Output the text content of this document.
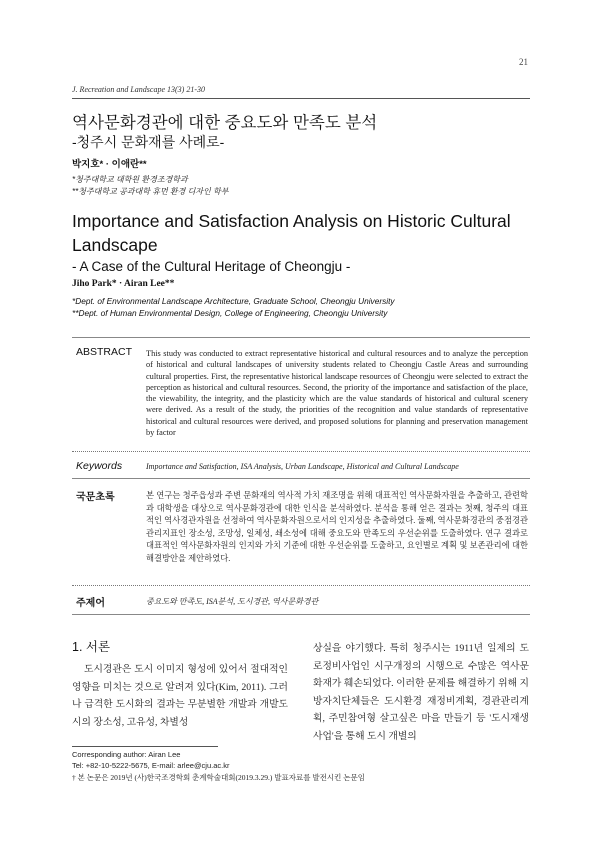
21
J. Recreation and Landscape 13(3) 21-30
역사문화경관에 대한 중요도와 만족도 분석
-청주시 문화재를 사례로-
박지호* · 이애란**
*청주대학교 대학원 환경조경학과
**청주대학교 공과대학 휴먼 환경 디자인 학부
Importance and Satisfaction Analysis on Historic Cultural Landscape
- A Case of the Cultural Heritage of Cheongju -
Jiho Park* · Airan Lee**
*Dept. of Environmental Landscape Architecture, Graduate School, Cheongju University
**Dept. of Human Environmental Design, College of Engineering, Cheongju University
ABSTRACT This study was conducted to extract representative historical and cultural resources and to analyze the perception of historical and cultural landscapes of university students related to Cheongju Castle Areas and surrounding cultural properties. First, the representative historical landscape resources of Cheongju were selected to extract the perception as historical and cultural resources. Second, the priority of the importance and satisfaction of the place, the viewability, the integrity, and the plasticity which are the value standards of historical and cultural scenery were derived. As a result of the study, the priorities of the recognition and value standards of representative historical and cultural resources were derived, and proposed solutions for planning and preservation management by factor
Keywords	Importance and Satisfaction, ISA Analysis, Urban Landscape, Historical and Cultural Landscape
국문초록	본 연구는 청주읍성과 주변 문화재의 역사적 가치 재조명을 위해 대표적인 역사문화자원을 추출하고, 관련학과 대학생을 대상으로 역사문화경관에 대한 인식을 분석하였다. 분석을 통해 얻은 결과는 첫째, 청주의 대표적인 역사경관자원을 선정하여 역사문화자원으로서의 인지성을 추출하였다. 둘째, 역사문화경관의 중점경관 관리지표인 장소성, 조망성, 일체성, 쇄소성에 대해 중요도와 만족도의 우선순위를 도출하였다. 연구 결과로 대표적인 역사문화자원의 인지와 가치 기준에 대한 우선순위를 도출하고, 요인별로 계획 및 보존관리에 대한 해결방안을 제안하였다.
주제어	중요도와 만족도, ISA분석, 도시경관, 역사문화경관
1. 서론
도시경관은 도시 이미지 형성에 있어서 절대적인 영향을 미치는 것으로 알려져 있다(Kim, 2011). 그러나 급격한 도시화의 결과는 무분별한 개발과 개발도시의 장소성, 고유성, 차별성
상실을 야기했다. 특히 청주시는 1911년 일제의 도로정비사업인 시구개정의 시행으로 수많은 역사문화재가 훼손되었다. 이러한 문제를 해결하기 위해 지방자치단체들은 도시환경 재정비계획, 경관관리계획, 주민참여형 살고싶은 마을 만들기 등 '도시재생사업'을 통해 도시 개별의
Corresponding author: Airan Lee
Tel: +82-10-5222-5675, E-mail: arlee@cju.ac.kr
† 본 논문은 2019년 (사)한국조경학회 춘계학술대회(2019.3.29.) 발표자료를 발전시킨 논문임
